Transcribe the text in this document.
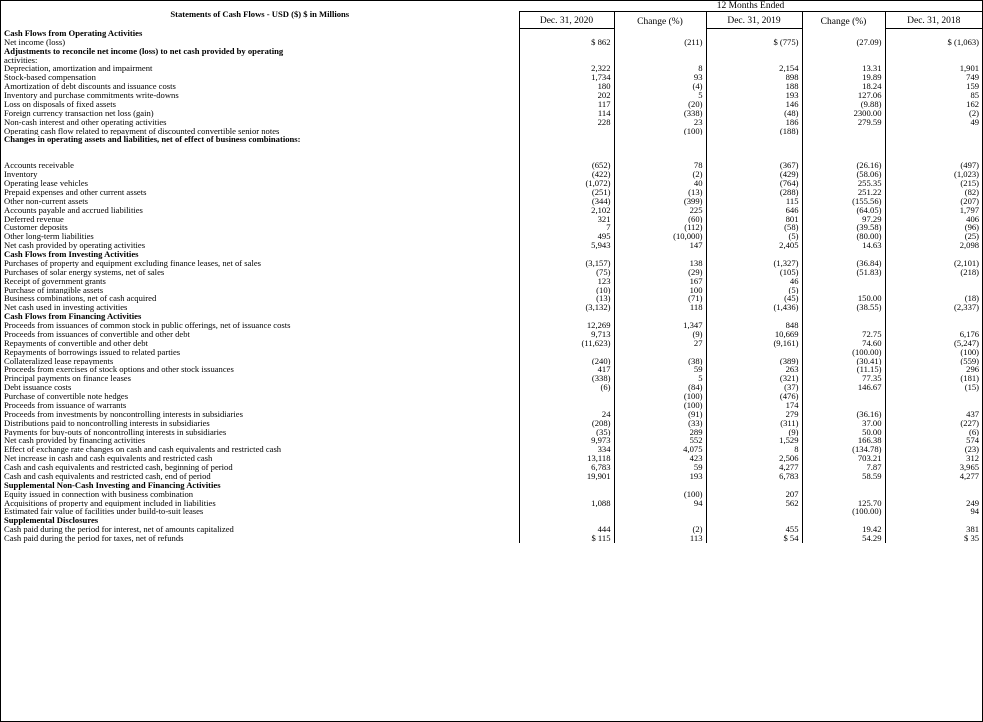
Statements of Cash Flows - USD ($) $ in Millions	12 Months Ended				
	Dec. 31, 2020	Change (%)	Dec. 31, 2019	Change (%)	Dec. 31, 2018
Cash Flows from Operating Activities					
Net income (loss)	$ 862	(211)	$ (775)	(27.09)	$ (1,063)
Adjustments to reconcile net income (loss) to net cash provided by operating					
activities:					
Depreciation, amortization and impairment	2,322	8	2,154	13.31	1,901
Stock-based compensation	1,734	93	898	19.89	749
Amortization of debt discounts and issuance costs	180	(4)	188	18.24	159
Inventory and purchase commitments write-downs	202	5	193	127.06	85
Loss on disposals of fixed assets	117	(20)	146	(9.88)	162
Foreign currency transaction net loss (gain)	114	(338)	(48)	2300.00	(2)
Non-cash interest and other operating activities	228	23	186	279.59	49
Operating cash flow related to repayment of discounted convertible senior notes		(100)	(188)		
Changes in operating assets and liabilities, net of effect of business combinations:					

Accounts receivable	(652)	78	(367)	(26.16)	(497)
Inventory	(422)	(2)	(429)	(58.06)	(1,023)
Operating lease vehicles	(1,072)	40	(764)	255.35	(215)
Prepaid expenses and other current assets	(251)	(13)	(288)	251.22	(82)
Other non-current assets	(344)	(399)	115	(155.56)	(207)
Accounts payable and accrued liabilities	2,102	225	646	(64.05)	1,797
Deferred revenue	321	(60)	801	97.29	406
Customer deposits	7	(112)	(58)	(39.58)	(96)
Other long-term liabilities	495	(10,000)	(5)	(80.00)	(25)
Net cash provided by operating activities	5,943	147	2,405	14.63	2,098
Cash Flows from Investing Activities					
Purchases of property and equipment excluding finance leases, net of sales	(3,157)	138	(1,327)	(36.84)	(2,101)
Purchases of solar energy systems, net of sales	(75)	(29)	(105)	(51.83)	(218)
Receipt of government grants	123	167	46		
Purchase of intangible assets	(10)	100	(5)		
Business combinations, net of cash acquired	(13)	(71)	(45)	150.00	(18)
Net cash used in investing activities	(3,132)	118	(1,436)	(38.55)	(2,337)
Cash Flows from Financing Activities					
Proceeds from issuances of common stock in public offerings, net of issuance costs	12,269	1,347	848		
Proceeds from issuances of convertible and other debt	9,713	(9)	10,669	72.75	6,176
Repayments of convertible and other debt	(11,623)	27	(9,161)	74.60	(5,247)
Repayments of borrowings issued to related parties				(100.00)	(100)
Collateralized lease repayments	(240)	(38)	(389)	(30.41)	(559)
Proceeds from exercises of stock options and other stock issuances	417	59	263	(11.15)	296
Principal payments on finance leases	(338)	5	(321)	77.35	(181)
Debt issuance costs	(6)	(84)	(37)	146.67	(15)
Purchase of convertible note hedges		(100)	(476)		
Proceeds from issuance of warrants		(100)	174		
Proceeds from investments by noncontrolling interests in subsidiaries	24	(91)	279	(36.16)	437
Distributions paid to noncontrolling interests in subsidiaries	(208)	(33)	(311)	37.00	(227)
Payments for buy-outs of noncontrolling interests in subsidiaries	(35)	289	(9)	50.00	(6)
Net cash provided by financing activities	9,973	552	1,529	166.38	574
Effect of exchange rate changes on cash and cash equivalents and restricted cash	334	4,075	8	(134.78)	(23)
Net increase in cash and cash equivalents and restricted cash	13,118	423	2,506	703.21	312
Cash and cash equivalents and restricted cash, beginning of period	6,783	59	4,277	7.87	3,965
Cash and cash equivalents and restricted cash, end of period	19,901	193	6,783	58.59	4,277
Supplemental Non-Cash Investing and Financing Activities					
Equity issued in connection with business combination		(100)	207		
Acquisitions of property and equipment included in liabilities	1,088	94	562	125.70	249
Estimated fair value of facilities under build-to-suit leases				(100.00)	94
Supplemental Disclosures					
Cash paid during the period for interest, net of amounts capitalized	444	(2)	455	19.42	381
Cash paid during the period for taxes, net of refunds	$ 115	113	$ 54	54.29	$ 35
